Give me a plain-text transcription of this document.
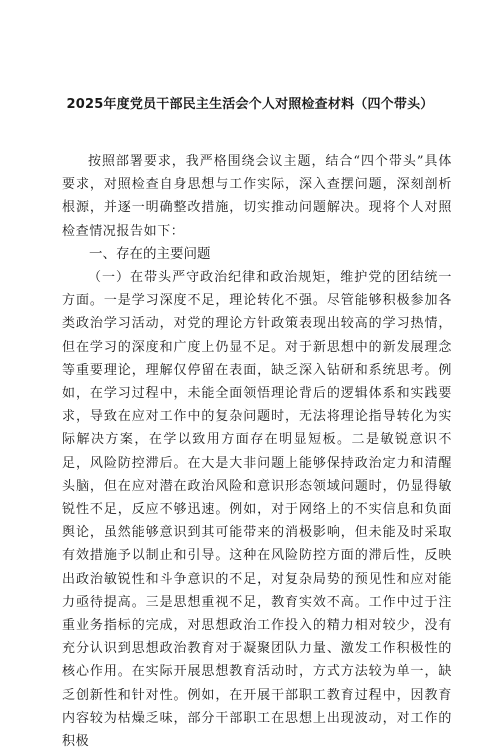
2025年度党员干部民主生活会个人对照检查材料（四个带头）

按照部署要求，我严格围绕会议主题，结合“四个带头”具体要求，对照检查自身思想与工作实际，深入查摆问题，深刻剖析根源，并逐一明确整改措施，切实推动问题解决。现将个人对照检查情况报告如下：

一、存在的主要问题

（一）在带头严守政治纪律和政治规矩，维护党的团结统一方面。一是学习深度不足，理论转化不强。尽管能够积极参加各类政治学习活动，对党的理论方针政策表现出较高的学习热情，但在学习的深度和广度上仍显不足。对于新思想中的新发展理念等重要理论，理解仅停留在表面，缺乏深入钻研和系统思考。例如，在学习过程中，未能全面领悟理论背后的逻辑体系和实践要求，导致在应对工作中的复杂问题时，无法将理论指导转化为实际解决方案，在学以致用方面存在明显短板。二是敏锐意识不足，风险防控滞后。在大是大非问题上能够保持政治定力和清醒头脑，但在应对潜在政治风险和意识形态领域问题时，仍显得敏锐性不足，反应不够迅速。例如，对于网络上的不实信息和负面舆论，虽然能够意识到其可能带来的消极影响，但未能及时采取有效措施予以制止和引导。这种在风险防控方面的滞后性，反映出政治敏锐性和斗争意识的不足，对复杂局势的预见性和应对能力亟待提高。三是思想重视不足，教育实效不高。工作中过于注重业务指标的完成，对思想政治工作投入的精力相对较少，没有充分认识到思想政治教育对于凝聚团队力量、激发工作积极性的核心作用。在实际开展思想教育活动时，方式方法较为单一，缺乏创新性和针对性。例如，在开展干部职工教育过程中，因教育内容较为枯燥乏味，部分干部职工在思想上出现波动，对工作的积极
